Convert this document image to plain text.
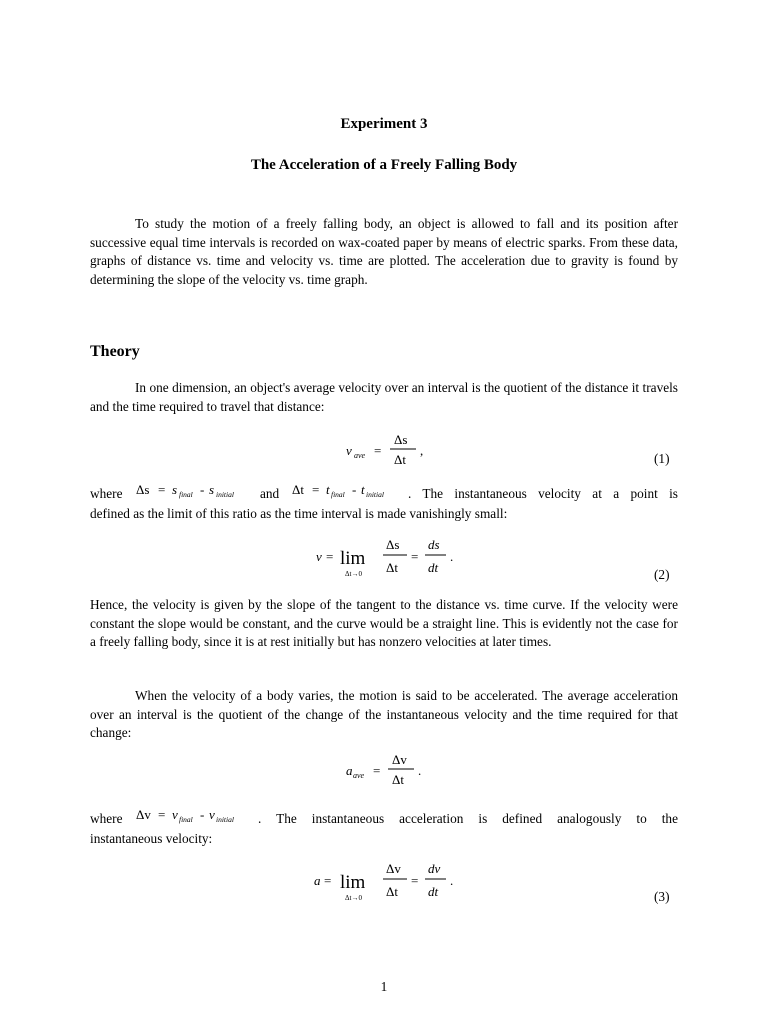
Experiment 3
The Acceleration of a Freely Falling Body
To study the motion of a freely falling body, an object is allowed to fall and its position after successive equal time intervals is recorded on wax-coated paper by means of electric sparks. From these data, graphs of distance vs. time and velocity vs. time are plotted. The acceleration due to gravity is found by determining the slope of the velocity vs. time graph.
Theory
In one dimension, an object's average velocity over an interval is the quotient of the distance it travels and the time required to travel that distance:
v ave =
Δs
Δt
,
(1)
where Δs = s final - s initial and Δt = t final - t initial . The instantaneous velocity at a point is
defined as the limit of this ratio as the time interval is made vanishingly small:
v = lim
Δt→0
Δs
Δt
=
ds
dt
.
(2)
Hence, the velocity is given by the slope of the tangent to the distance vs. time curve. If the velocity were constant the slope would be constant, and the curve would be a straight line. This is evidently not the case for a freely falling body, since it is at rest initially but has nonzero velocities at later times.
When the velocity of a body varies, the motion is said to be accelerated. The average acceleration over an interval is the quotient of the change of the instantaneous velocity and the time required for that change:
a ave =
Δv
Δt
.
where Δv = v final - v initial . The instantaneous acceleration is defined analogously to the
instantaneous velocity:
a = lim
Δt→0
Δv
Δt
=
dv
dt
.
(3)
1
